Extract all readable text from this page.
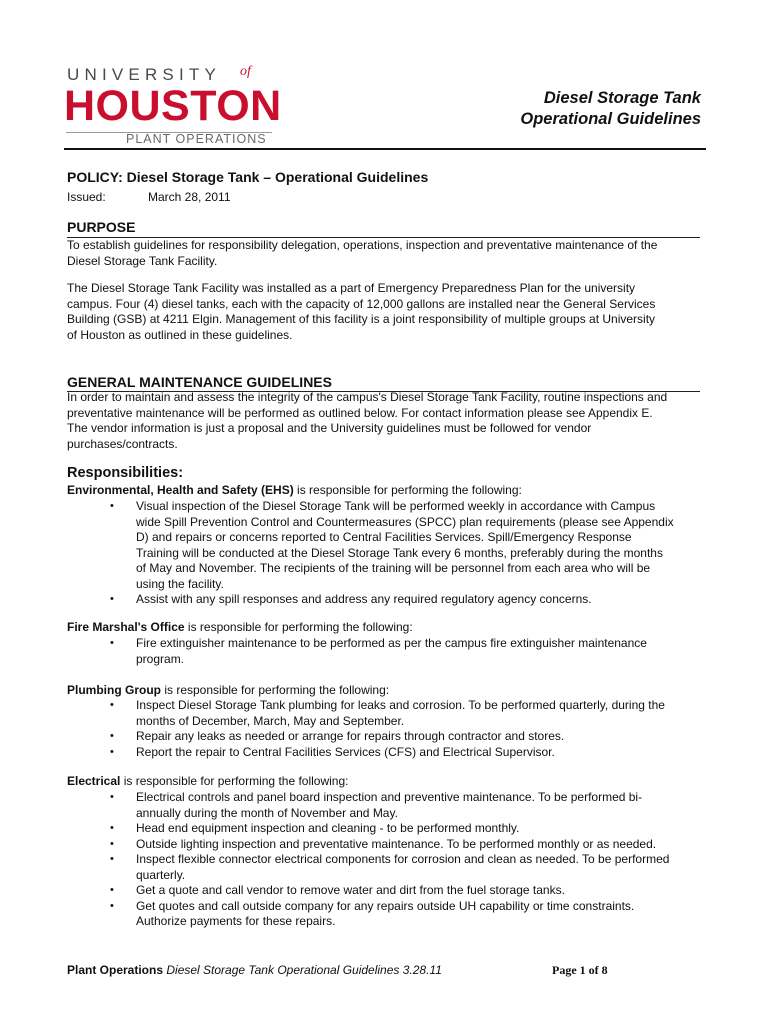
UNIVERSITY of
HOUSTON
PLANT OPERATIONS
Diesel Storage Tank
Operational Guidelines
POLICY: Diesel Storage Tank – Operational Guidelines
Issued:	March 28, 2011
PURPOSE
To establish guidelines for responsibility delegation, operations, inspection and preventative maintenance of the
Diesel Storage Tank Facility.
The Diesel Storage Tank Facility was installed as a part of Emergency Preparedness Plan for the university
campus. Four (4) diesel tanks, each with the capacity of 12,000 gallons are installed near the General Services
Building (GSB) at 4211 Elgin. Management of this facility is a joint responsibility of multiple groups at University
of Houston as outlined in these guidelines.
GENERAL MAINTENANCE GUIDELINES
In order to maintain and assess the integrity of the campus's Diesel Storage Tank Facility, routine inspections and
preventative maintenance will be performed as outlined below. For contact information please see Appendix E.
The vendor information is just a proposal and the University guidelines must be followed for vendor
purchases/contracts.
Responsibilities:
Environmental, Health and Safety (EHS) is responsible for performing the following:
• Visual inspection of the Diesel Storage Tank will be performed weekly in accordance with Campus
wide Spill Prevention Control and Countermeasures (SPCC) plan requirements (please see Appendix
D) and repairs or concerns reported to Central Facilities Services. Spill/Emergency Response
Training will be conducted at the Diesel Storage Tank every 6 months, preferably during the months
of May and November. The recipients of the training will be personnel from each area who will be
using the facility.
• Assist with any spill responses and address any required regulatory agency concerns.
Fire Marshal's Office is responsible for performing the following:
• Fire extinguisher maintenance to be performed as per the campus fire extinguisher maintenance
program.
Plumbing Group is responsible for performing the following:
• Inspect Diesel Storage Tank plumbing for leaks and corrosion. To be performed quarterly, during the
months of December, March, May and September.
• Repair any leaks as needed or arrange for repairs through contractor and stores.
• Report the repair to Central Facilities Services (CFS) and Electrical Supervisor.
Electrical is responsible for performing the following:
• Electrical controls and panel board inspection and preventive maintenance. To be performed bi-
annually during the month of November and May.
• Head end equipment inspection and cleaning - to be performed monthly.
• Outside lighting inspection and preventative maintenance. To be performed monthly or as needed.
• Inspect flexible connector electrical components for corrosion and clean as needed. To be performed
quarterly.
• Get a quote and call vendor to remove water and dirt from the fuel storage tanks.
• Get quotes and call outside company for any repairs outside UH capability or time constraints.
Authorize payments for these repairs.
Plant Operations Diesel Storage Tank Operational Guidelines 3.28.11	Page 1 of 8
